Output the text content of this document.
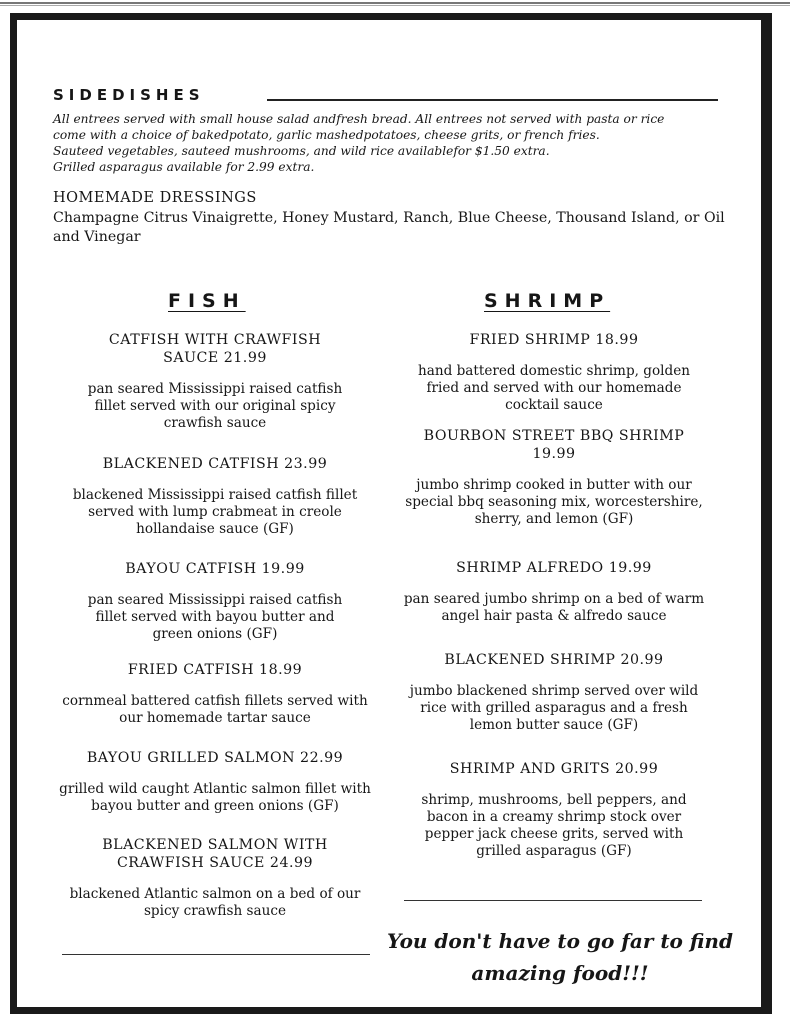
SIDEDISHES
All entrees served with small house salad andfresh bread. All entrees not served with pasta or rice
come with a choice of bakedpotato, garlic mashedpotatoes, cheese grits, or french fries.
Sauteed vegetables, sauteed mushrooms, and wild rice availablefor $1.50 extra.
Grilled asparagus available for 2.99 extra.
HOMEMADE DRESSINGS
Champagne Citrus Vinaigrette, Honey Mustard, Ranch, Blue Cheese, Thousand Island, or Oil and Vinegar
FISH
CATFISH WITH CRAWFISH SAUCE 21.99
pan seared Mississippi raised catfish fillet served with our original spicy crawfish sauce
BLACKENED CATFISH 23.99
blackened Mississippi raised catfish fillet served with lump crabmeat in creole hollandaise sauce (GF)
BAYOU CATFISH 19.99
pan seared Mississippi raised catfish fillet served with bayou butter and green onions (GF)
FRIED CATFISH 18.99
cornmeal battered catfish fillets served with our homemade tartar sauce
BAYOU GRILLED SALMON 22.99
grilled wild caught Atlantic salmon fillet with bayou butter and green onions (GF)
BLACKENED SALMON WITH CRAWFISH SAUCE 24.99
blackened Atlantic salmon on a bed of our spicy crawfish sauce
SHRIMP
FRIED SHRIMP 18.99
hand battered domestic shrimp, golden fried and served with our homemade cocktail sauce
BOURBON STREET BBQ SHRIMP 19.99
jumbo shrimp cooked in butter with our special bbq seasoning mix, worcestershire, sherry, and lemon (GF)
SHRIMP ALFREDO 19.99
pan seared jumbo shrimp on a bed of warm angel hair pasta & alfredo sauce
BLACKENED SHRIMP 20.99
jumbo blackened shrimp served over wild rice with grilled asparagus and a fresh lemon butter sauce (GF)
SHRIMP AND GRITS 20.99
shrimp, mushrooms, bell peppers, and bacon in a creamy shrimp stock over pepper jack cheese grits, served with grilled asparagus (GF)
You don't have to go far to find amazing food!!!
